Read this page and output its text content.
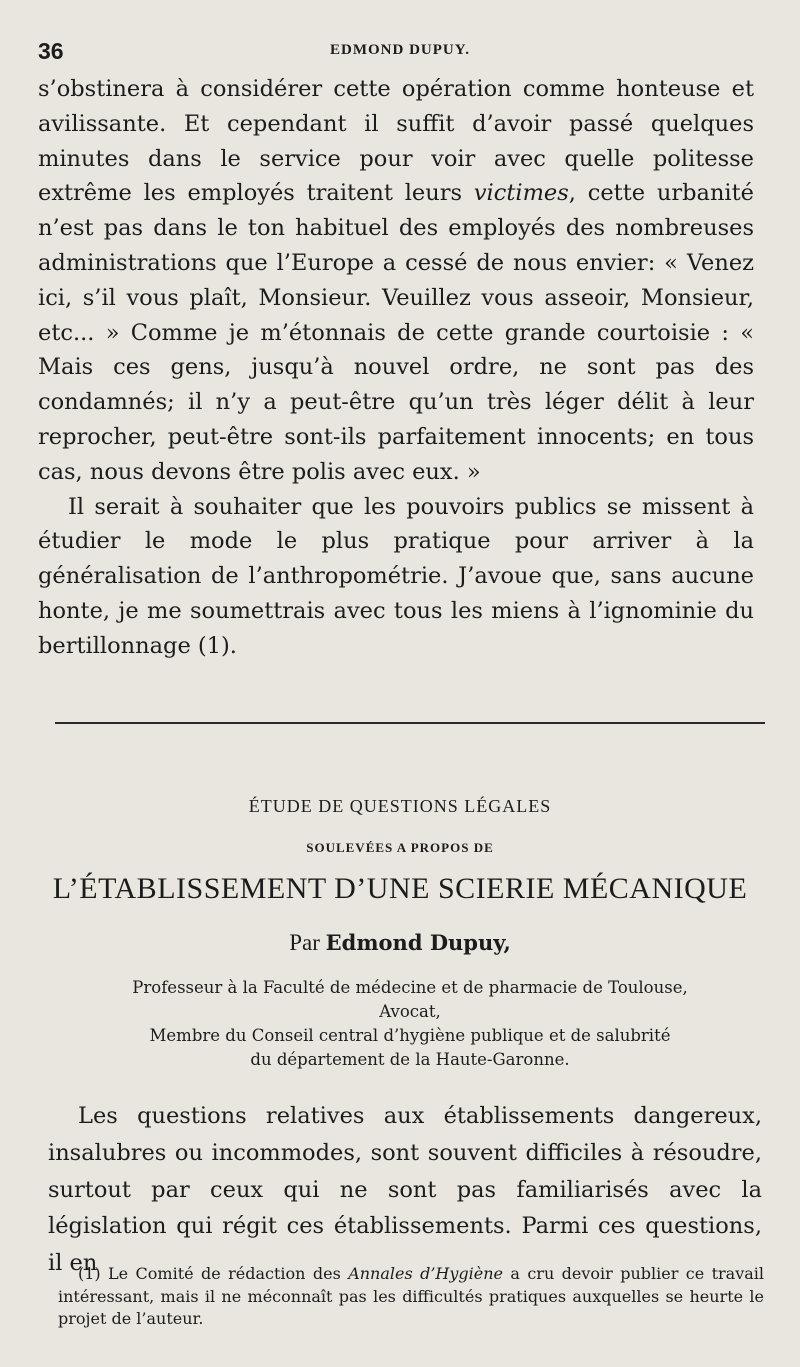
36	EDMOND DUPUY.

s’obstinera à considérer cette opération comme honteuse et avilissante. Et cependant il suffit d’avoir passé quelques minutes dans le service pour voir avec quelle politesse extrême les employés traitent leurs victimes, cette urbanité n’est pas dans le ton habituel des employés des nombreuses administrations que l’Europe a cessé de nous envier: « Venez ici, s’il vous plaît, Monsieur. Veuillez vous asseoir, Monsieur, etc... » Comme je m’étonnais de cette grande courtoisie : « Mais ces gens, jusqu’à nouvel ordre, ne sont pas des condamnés; il n’y a peut-être qu’un très léger délit à leur reprocher, peut-être sont-ils parfaitement innocents; en tous cas, nous devons être polis avec eux. »

Il serait à souhaiter que les pouvoirs publics se missent à étudier le mode le plus pratique pour arriver à la généralisation de l’anthropométrie. J’avoue que, sans aucune honte, je me soumettrais avec tous les miens à l’ignominie du bertillonnage (1).

ÉTUDE DE QUESTIONS LÉGALES
SOULEVÉES A PROPOS DE
L’ÉTABLISSEMENT D’UNE SCIERIE MÉCANIQUE
Par Edmond Dupuy,
Professeur à la Faculté de médecine et de pharmacie de Toulouse,
Avocat,
Membre du Conseil central d’hygiène publique et de salubrité
du département de la Haute-Garonne.
Les questions relatives aux établissements dangereux, insalubres ou incommodes, sont souvent difficiles à résoudre, surtout par ceux qui ne sont pas familiarisés avec la législation qui régit ces établissements. Parmi ces questions, il en
(1) Le Comité de rédaction des Annales d’Hygiène a cru devoir publier ce travail intéressant, mais il ne méconnaît pas les difficultés pratiques auxquelles se heurte le projet de l’auteur.
